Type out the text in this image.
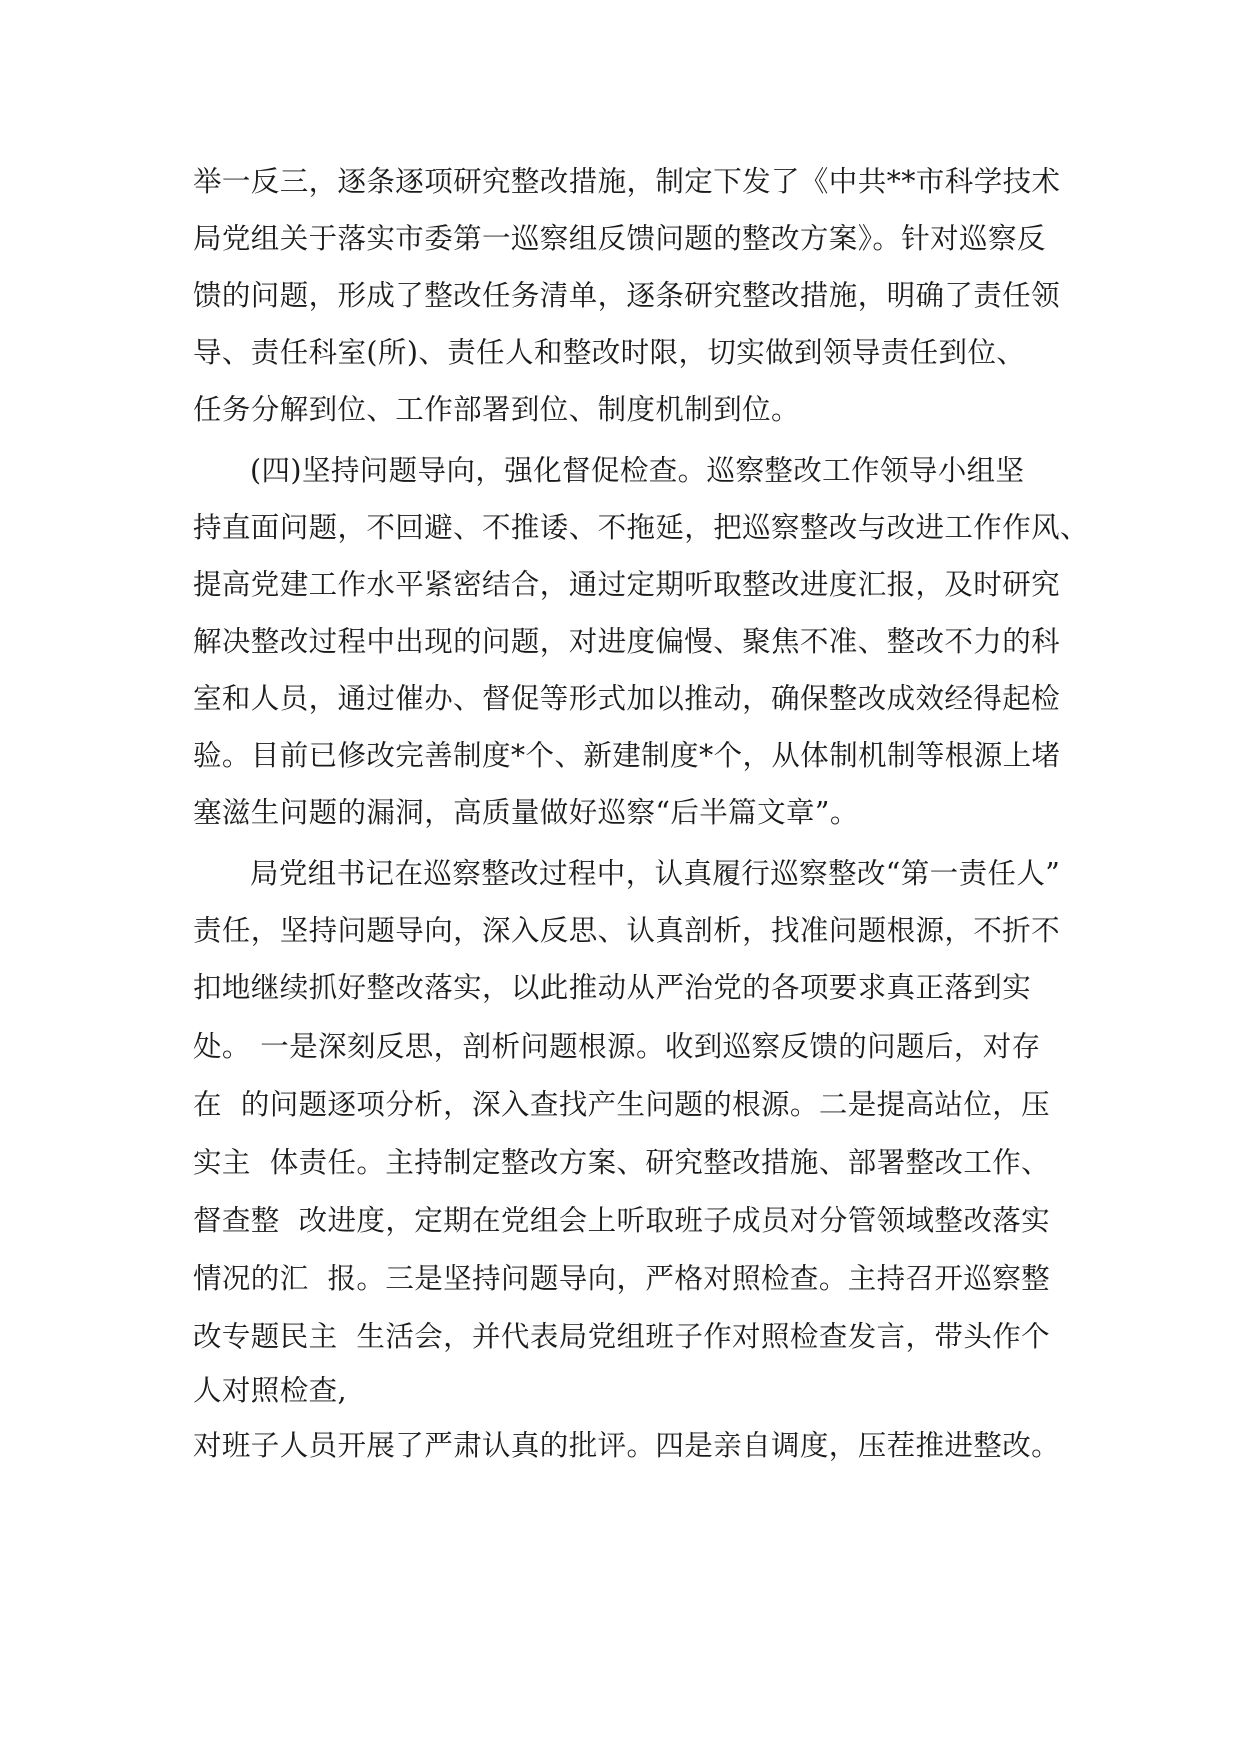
举一反三，逐条逐项研究整改措施，制定下发了《中共**市科学技术

局党组关于落实市委第一巡察组反馈问题的整改方案》。针对巡察反

馈的问题，形成了整改任务清单，逐条研究整改措施，明确了责任领

导、责任科室(所)、责任人和整改时限，切实做到领导责任到位、

任务分解到位、工作部署到位、制度机制到位。

(四)坚持问题导向，强化督促检查。巡察整改工作领导小组坚

持直面问题，不回避、不推诿、不拖延，把巡察整改与改进工作作风、

提高党建工作水平紧密结合，通过定期听取整改进度汇报，及时研究

解决整改过程中出现的问题，对进度偏慢、聚焦不准、整改不力的科

室和人员，通过催办、督促等形式加以推动，确保整改成效经得起检

验。目前已修改完善制度*个、新建制度*个，从体制机制等根源上堵

塞滋生问题的漏洞，高质量做好巡察“后半篇文章”。

局党组书记在巡察整改过程中，认真履行巡察整改“第一责任人”

责任，坚持问题导向，深入反思、认真剖析，找准问题根源，不折不

扣地继续抓好整改落实，以此推动从严治党的各项要求真正落到实

处。 一是深刻反思，剖析问题根源。收到巡察反馈的问题后，对存

在  的问题逐项分析，深入查找产生问题的根源。二是提高站位，压

实主  体责任。主持制定整改方案、研究整改措施、部署整改工作、

督查整  改进度，定期在党组会上听取班子成员对分管领域整改落实

情况的汇  报。三是坚持问题导向，严格对照检查。主持召开巡察整

改专题民主  生活会，并代表局党组班子作对照检查发言，带头作个

人对照检查,

对班子人员开展了严肃认真的批评。四是亲自调度，压茬推进整改。
